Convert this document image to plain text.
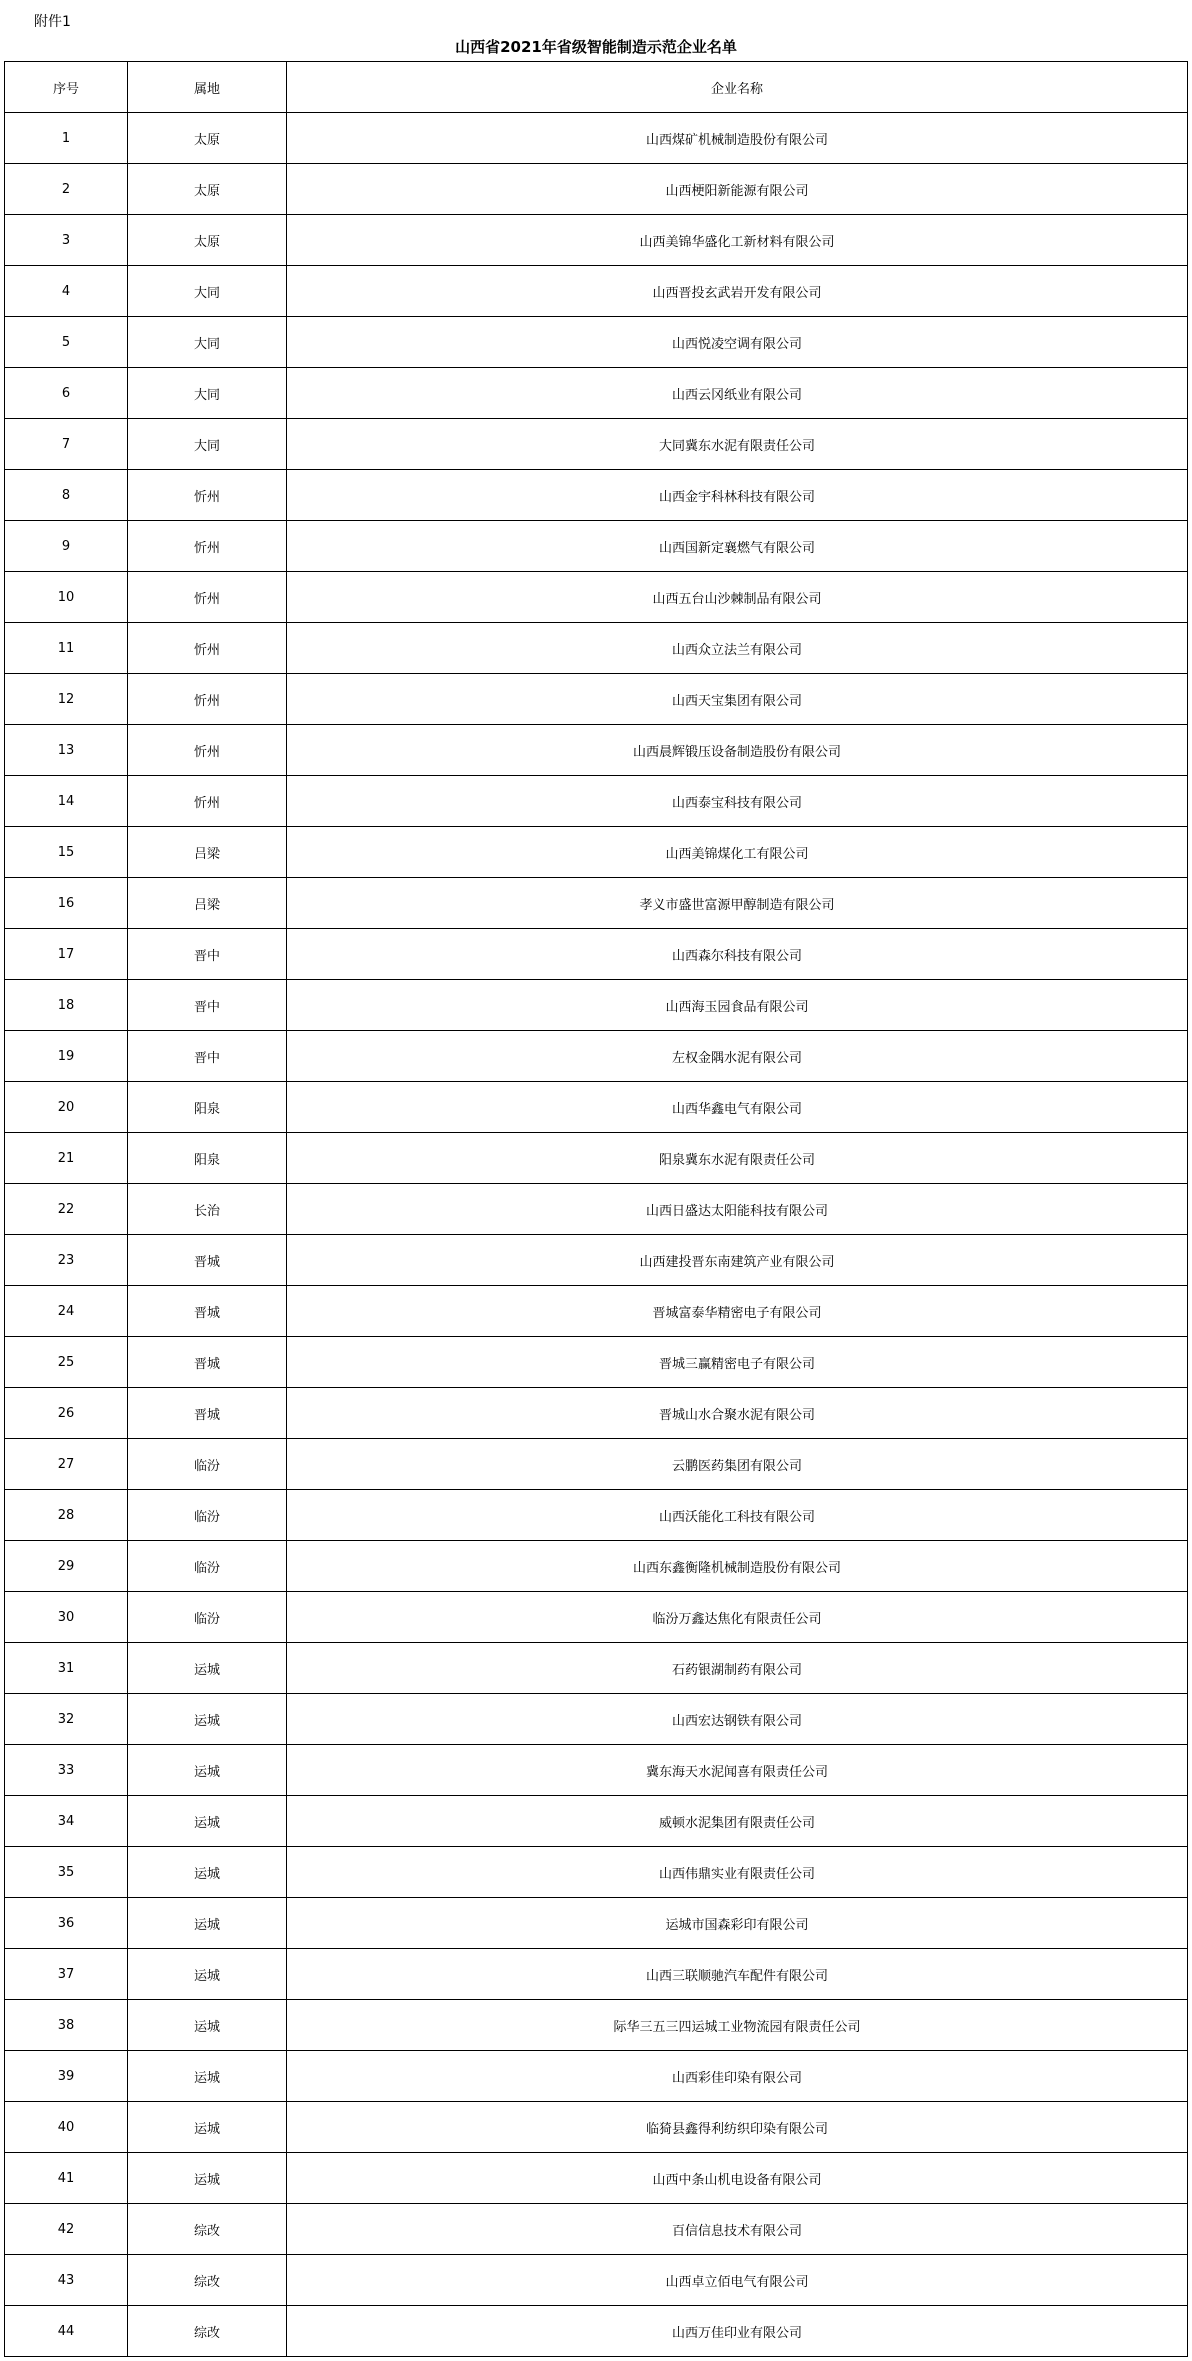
附件1
山西省2021年省级智能制造示范企业名单
序号	属地	企业名称
1	太原	山西煤矿机械制造股份有限公司
2	太原	山西梗阳新能源有限公司
3	太原	山西美锦华盛化工新材料有限公司
4	大同	山西晋投玄武岩开发有限公司
5	大同	山西悦凌空调有限公司
6	大同	山西云冈纸业有限公司
7	大同	大同冀东水泥有限责任公司
8	忻州	山西金宇科林科技有限公司
9	忻州	山西国新定襄燃气有限公司
10	忻州	山西五台山沙棘制品有限公司
11	忻州	山西众立法兰有限公司
12	忻州	山西天宝集团有限公司
13	忻州	山西晨辉锻压设备制造股份有限公司
14	忻州	山西泰宝科技有限公司
15	吕梁	山西美锦煤化工有限公司
16	吕梁	孝义市盛世富源甲醇制造有限公司
17	晋中	山西森尔科技有限公司
18	晋中	山西海玉园食品有限公司
19	晋中	左权金隅水泥有限公司
20	阳泉	山西华鑫电气有限公司
21	阳泉	阳泉冀东水泥有限责任公司
22	长治	山西日盛达太阳能科技有限公司
23	晋城	山西建投晋东南建筑产业有限公司
24	晋城	晋城富泰华精密电子有限公司
25	晋城	晋城三赢精密电子有限公司
26	晋城	晋城山水合聚水泥有限公司
27	临汾	云鹏医药集团有限公司
28	临汾	山西沃能化工科技有限公司
29	临汾	山西东鑫衡隆机械制造股份有限公司
30	临汾	临汾万鑫达焦化有限责任公司
31	运城	石药银湖制药有限公司
32	运城	山西宏达钢铁有限公司
33	运城	冀东海天水泥闻喜有限责任公司
34	运城	威顿水泥集团有限责任公司
35	运城	山西伟鼎实业有限责任公司
36	运城	运城市国森彩印有限公司
37	运城	山西三联顺驰汽车配件有限公司
38	运城	际华三五三四运城工业物流园有限责任公司
39	运城	山西彩佳印染有限公司
40	运城	临猗县鑫得利纺织印染有限公司
41	运城	山西中条山机电设备有限公司
42	综改	百信信息技术有限公司
43	综改	山西卓立佰电气有限公司
44	综改	山西万佳印业有限公司
